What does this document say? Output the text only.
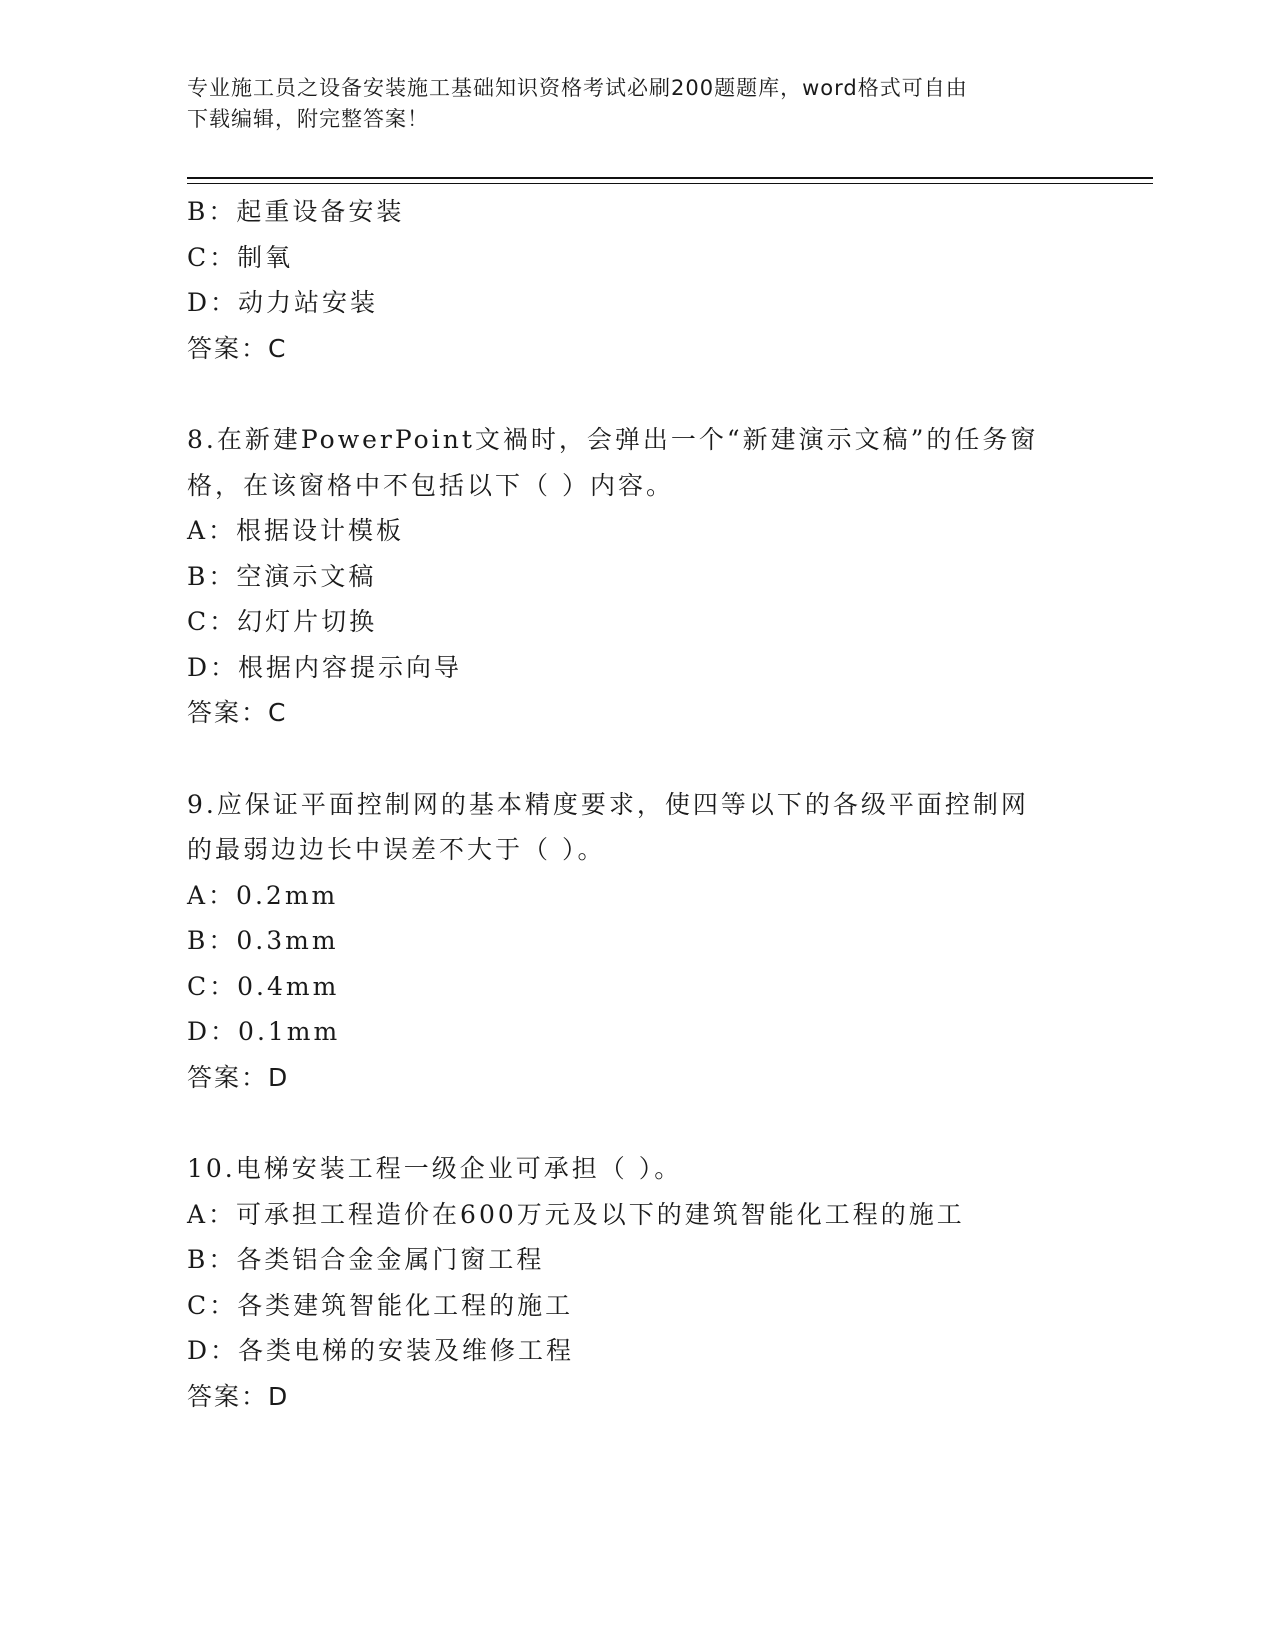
专业施工员之设备安装施工基础知识资格考试必刷200题题库，word格式可自由
下载编辑，附完整答案！
B：起重设备安装
C：制氧
D：动力站安装
答案：C
8.在新建PowerPoint文禍时，会弹出一个“新建演示文稿”的任务窗
格，在该窗格中不包括以下（ ）内容。
A：根据设计模板
B：空演示文稿
C：幻灯片切换
D：根据内容提示向导
答案：C
9.应保证平面控制网的基本精度要求，使四等以下的各级平面控制网
的最弱边边长中误差不大于（ ）。
A：0.2mm
B：0.3mm
C：0.4mm
D：0.1mm
答案：D
10.电梯安装工程一级企业可承担（ ）。
A：可承担工程造价在600万元及以下的建筑智能化工程的施工
B：各类铝合金金属门窗工程
C：各类建筑智能化工程的施工
D：各类电梯的安装及维修工程
答案：D
